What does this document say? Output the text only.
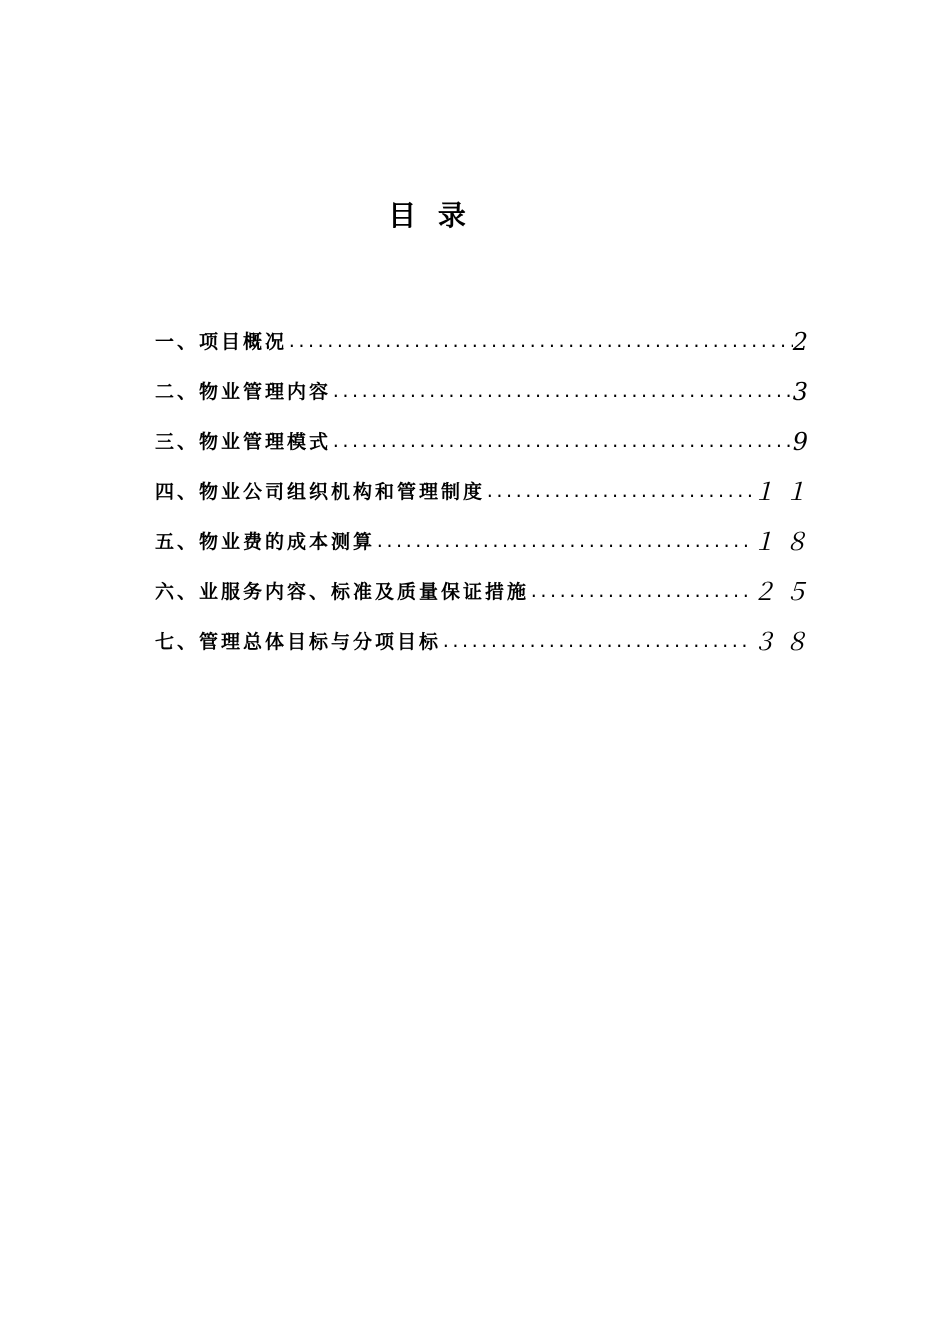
目 录
一、项目概况 .....	2
二、物业管理内容 .....	3
三、物业管理模式 .....	9
四、物业公司组织机构和管理制度 .....	１１
五、物业费的成本测算 .....	１８
六、业服务内容、标准及质量保证措施 .....	２５
七、管理总体目标与分项目标 .....	３８
